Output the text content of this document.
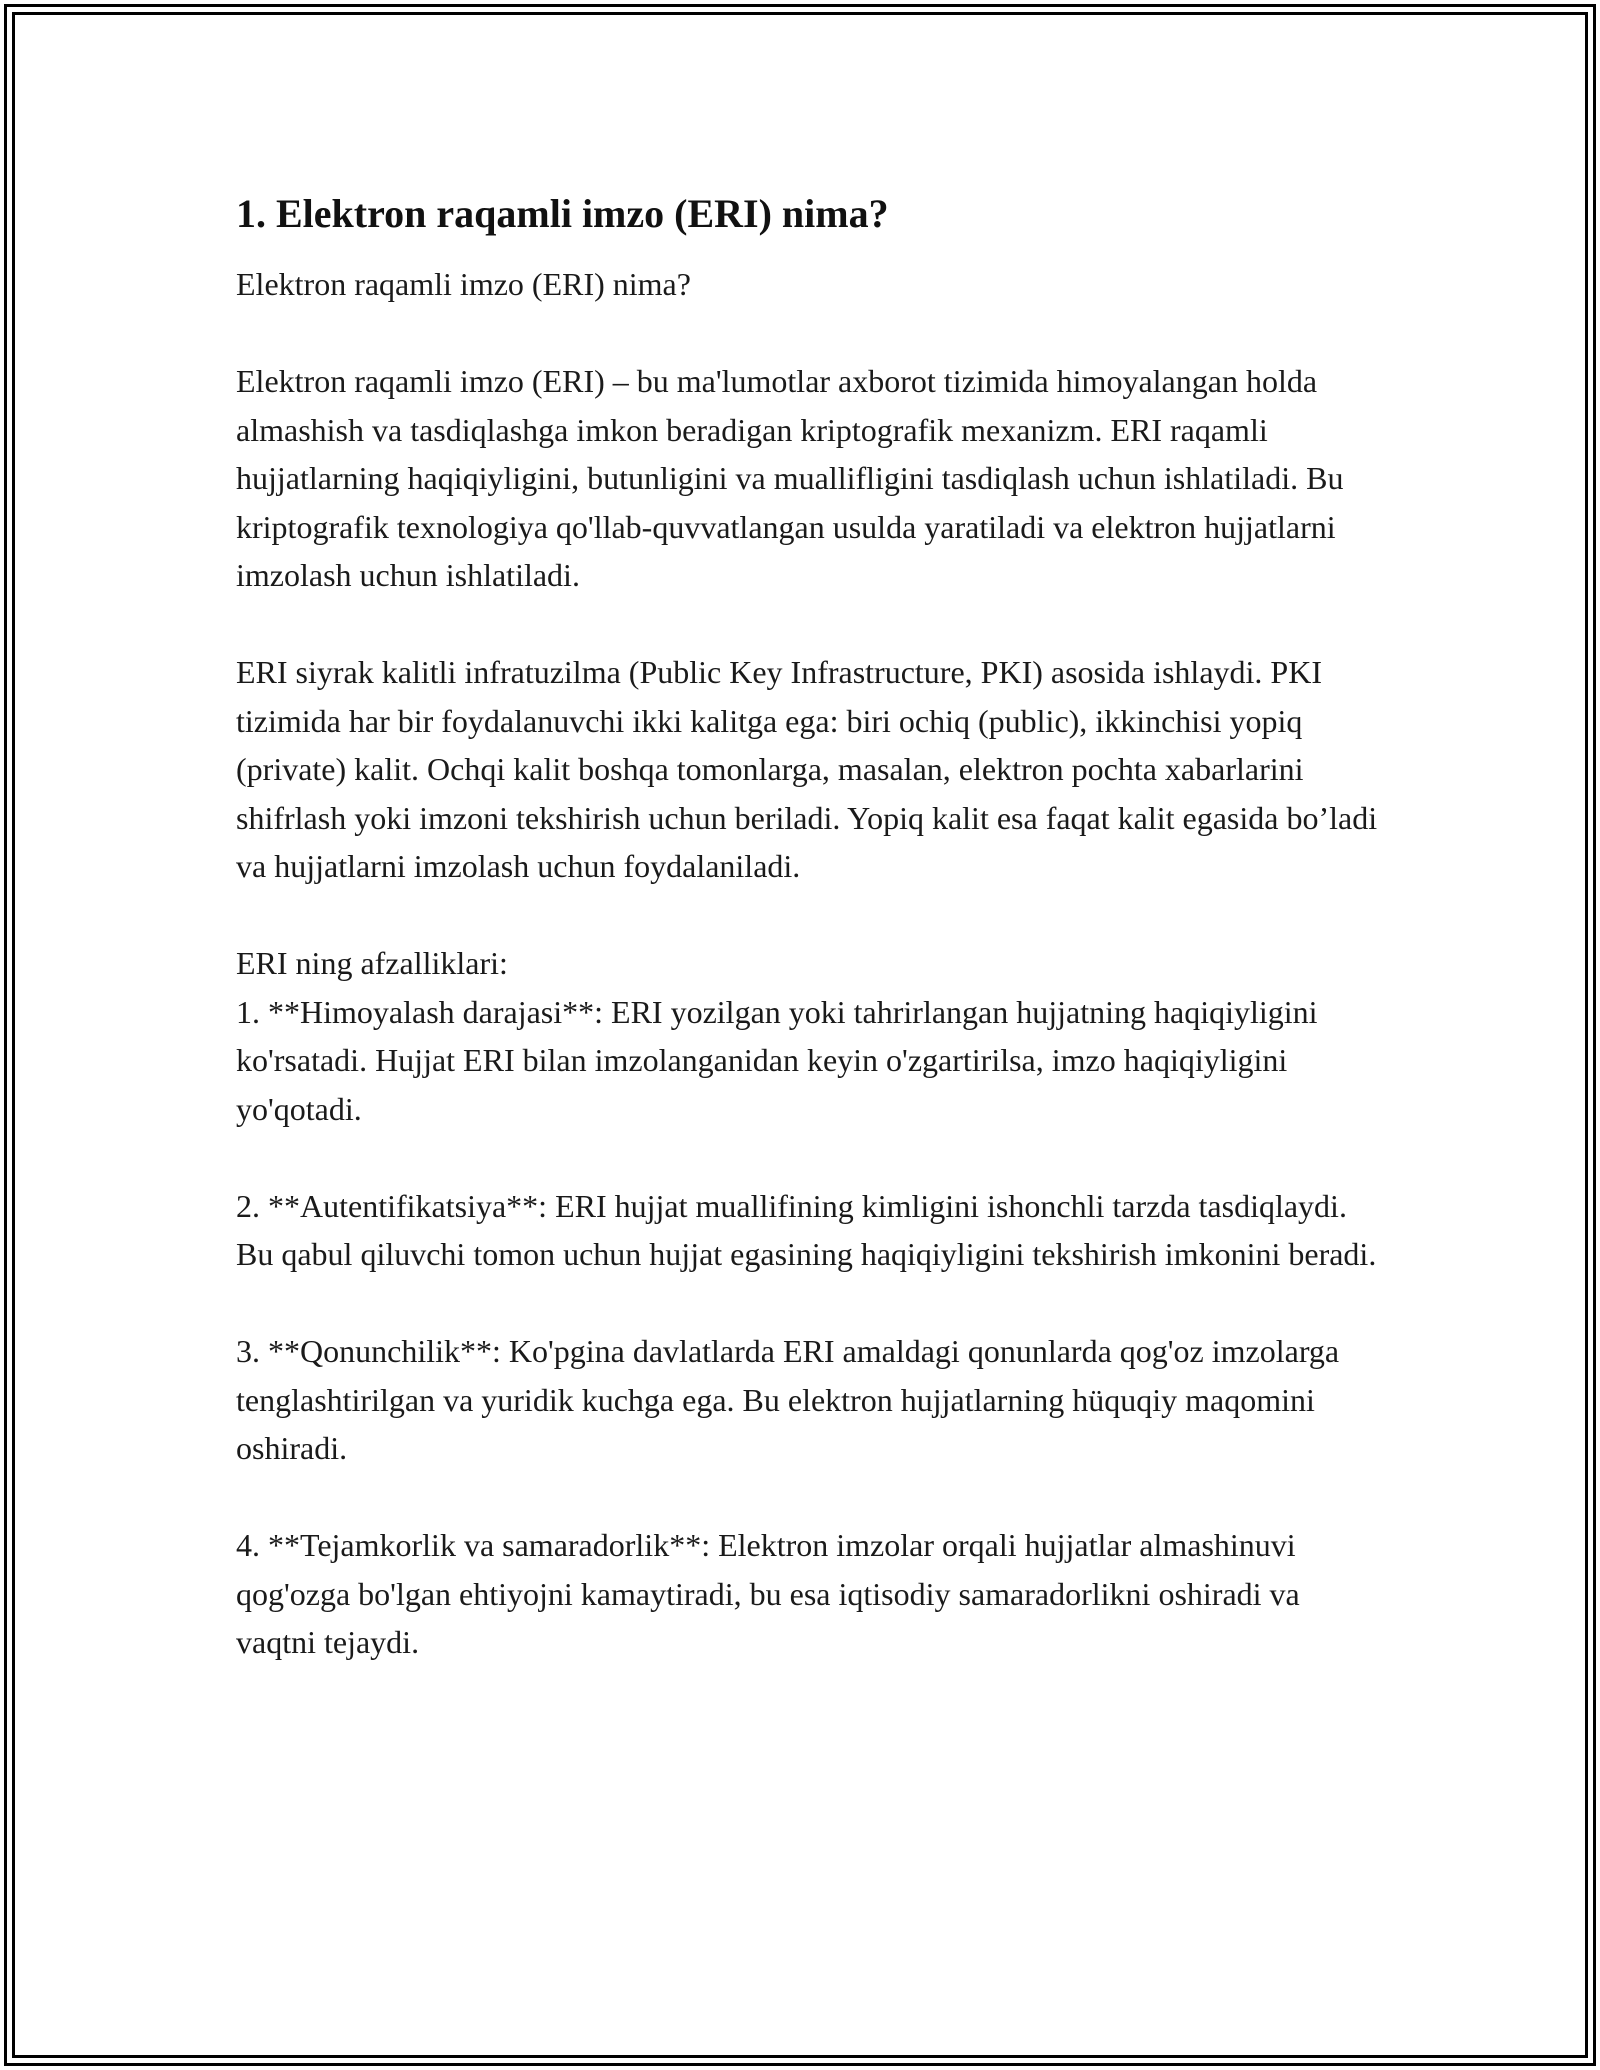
1. Elektron raqamli imzo (ERI) nima?

Elektron raqamli imzo (ERI) nima?

Elektron raqamli imzo (ERI) – bu ma'lumotlar axborot tizimida himoyalangan holda almashish va tasdiqlashga imkon beradigan kriptografik mexanizm. ERI raqamli hujjatlarning haqiqiyligini, butunligini va muallifligini tasdiqlash uchun ishlatiladi. Bu kriptografik texnologiya qo'llab-quvvatlangan usulda yaratiladi va elektron hujjatlarni imzolash uchun ishlatiladi.

ERI siyrak kalitli infratuzilma (Public Key Infrastructure, PKI) asosida ishlaydi. PKI tizimida har bir foydalanuvchi ikki kalitga ega: biri ochiq (public), ikkinchisi yopiq (private) kalit. Ochqi kalit boshqa tomonlarga, masalan, elektron pochta xabarlarini shifrlash yoki imzoni tekshirish uchun beriladi. Yopiq kalit esa faqat kalit egasida bo’ladi va hujjatlarni imzolash uchun foydalaniladi.

ERI ning afzalliklari:

1. **Himoyalash darajasi**: ERI yozilgan yoki tahrirlangan hujjatning haqiqiyligini ko'rsatadi. Hujjat ERI bilan imzolanganidan keyin o'zgartirilsa, imzo haqiqiyligini yo'qotadi.

2. **Autentifikatsiya**: ERI hujjat muallifining kimligini ishonchli tarzda tasdiqlaydi. Bu qabul qiluvchi tomon uchun hujjat egasining haqiqiyligini tekshirish imkonini beradi.

3. **Qonunchilik**: Ko'pgina davlatlarda ERI amaldagi qonunlarda qog'oz imzolarga tenglashtirilgan va yuridik kuchga ega. Bu elektron hujjatlarning hüquqiy maqomini oshiradi.

4. **Tejamkorlik va samaradorlik**: Elektron imzolar orqali hujjatlar almashinuvi qog'ozga bo'lgan ehtiyojni kamaytiradi, bu esa iqtisodiy samaradorlikni oshiradi va vaqtni tejaydi.
